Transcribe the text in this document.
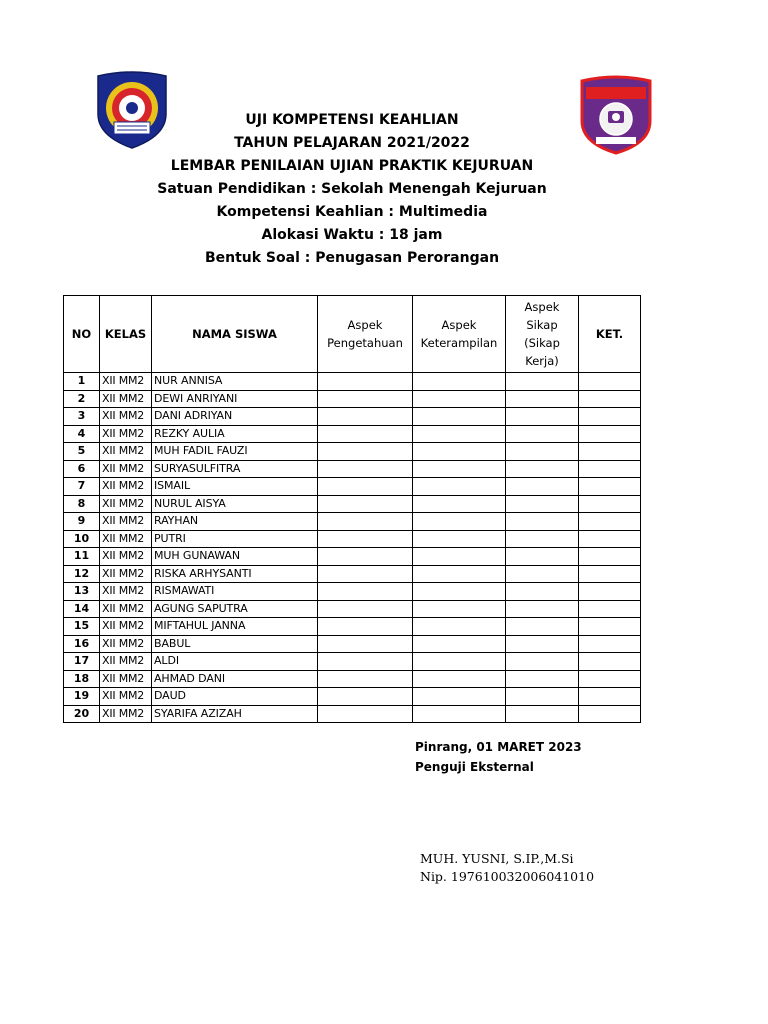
UJI KOMPETENSI KEAHLIAN
TAHUN PELAJARAN 2021/2022
LEMBAR PENILAIAN UJIAN PRAKTIK KEJURUAN
Satuan Pendidikan : Sekolah Menengah Kejuruan
Kompetensi Keahlian : Multimedia
Alokasi Waktu : 18 jam
Bentuk Soal : Penugasan Perorangan
NO	KELAS	NAMA SISWA	Aspek Pengetahuan	Aspek Keterampilan	Aspek Sikap (Sikap Kerja)	KET.
1	XII MM2	NUR ANNISA				
2	XII MM2	DEWI ANRIYANI				
3	XII MM2	DANI ADRIYAN				
4	XII MM2	REZKY AULIA				
5	XII MM2	MUH FADIL FAUZI				
6	XII MM2	SURYASULFITRA				
7	XII MM2	ISMAIL				
8	XII MM2	NURUL AISYA				
9	XII MM2	RAYHAN				
10	XII MM2	PUTRI				
11	XII MM2	MUH GUNAWAN				
12	XII MM2	RISKA ARHYSANTI				
13	XII MM2	RISMAWATI				
14	XII MM2	AGUNG SAPUTRA				
15	XII MM2	MIFTAHUL JANNA				
16	XII MM2	BABUL				
17	XII MM2	ALDI				
18	XII MM2	AHMAD DANI				
19	XII MM2	DAUD				
20	XII MM2	SYARIFA AZIZAH				
Pinrang, 01 MARET 2023
Penguji Eksternal
MUH. YUSNI, S.IP.,M.Si
Nip. 197610032006041010
